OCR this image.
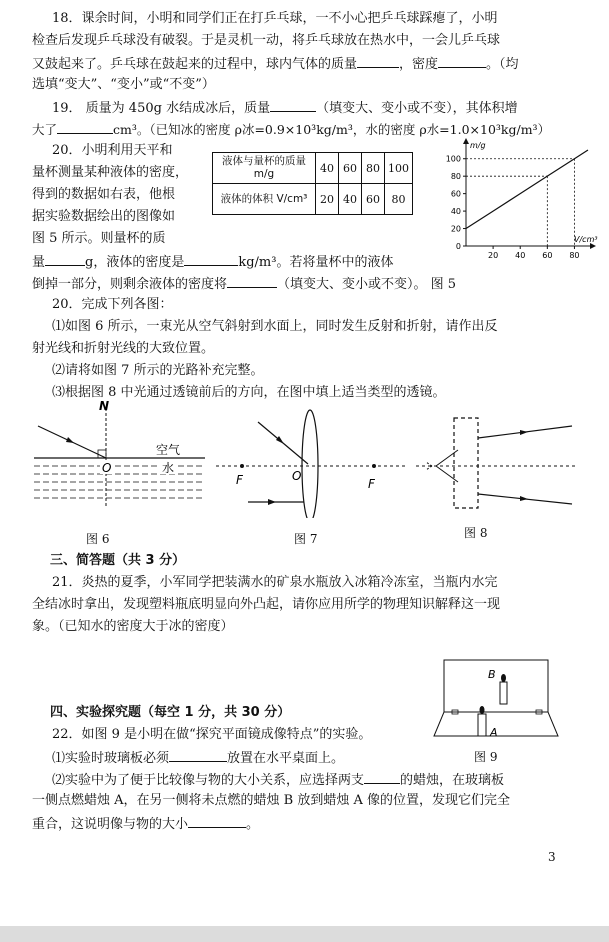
18．课余时间，小明和同学们正在打乒乓球，一不小心把乒乓球踩瘪了，小明
检查后发现乒乓球没有破裂。于是灵机一动，将乒乓球放在热水中，一会儿乒乓球
又鼓起来了。乒乓球在鼓起来的过程中，球内气体的质量	，密度	。（均
选填“变大”、“变小”或“不变”）
19． 质量为 450g 水结成冰后，质量	（填变大、变小或不变），其体积增
大了	cm³。（已知冰的密度 ρ冰=0.9×10³kg/m³，水的密度 ρ水=1.0×10³kg/m³）
20．小明利用天平和
量杯测量某种液体的密度，
得到的数据如右表，他根
据实验数据绘出的图像如
图 5 所示。则量杯的质
量	g，液体的密度是	kg/m³。若将量杯中的液体
倒掉一部分，则剩余液体的密度将	（填变大、变小或不变）。 图 5
液体与量杯的质量 m/g	40	60	80	100
液体的体积 V/cm³	20	40	60	80
100
80
60
40
20
0
20 40 60 80
m/g
V/cm³
20．完成下列各图：
⑴如图 6 所示，一束光从空气斜射到水面上，同时发生反射和折射，请作出反
射光线和折射光线的大致位置。
⑵请将如图 7 所示的光路补充完整。
⑶根据图 8 中光通过透镜前后的方向，在图中填上适当类型的透镜。
N
O
空气
水
图 6
F	F
O
图 7	图 8
三、简答题（共 3 分）
21．炎热的夏季，小军同学把装满水的矿泉水瓶放入冰箱冷冻室，当瓶内水完
全结冰时拿出，发现塑料瓶底明显向外凸起，请你应用所学的物理知识解释这一现
象。（已知水的密度大于冰的密度）
B
A
图 9
四、实验探究题（每空 1 分，共 30 分）
22．如图 9 是小明在做“探究平面镜成像特点”的实验。
⑴实验时玻璃板必须	放置在水平桌面上。
⑵实验中为了便于比较像与物的大小关系，应选择两支	的蜡烛，在玻璃板
一侧点燃蜡烛 A，在另一侧将未点燃的蜡烛 B 放到蜡烛 A 像的位置，发现它们完全
重合，这说明像与物的大小	。
3
